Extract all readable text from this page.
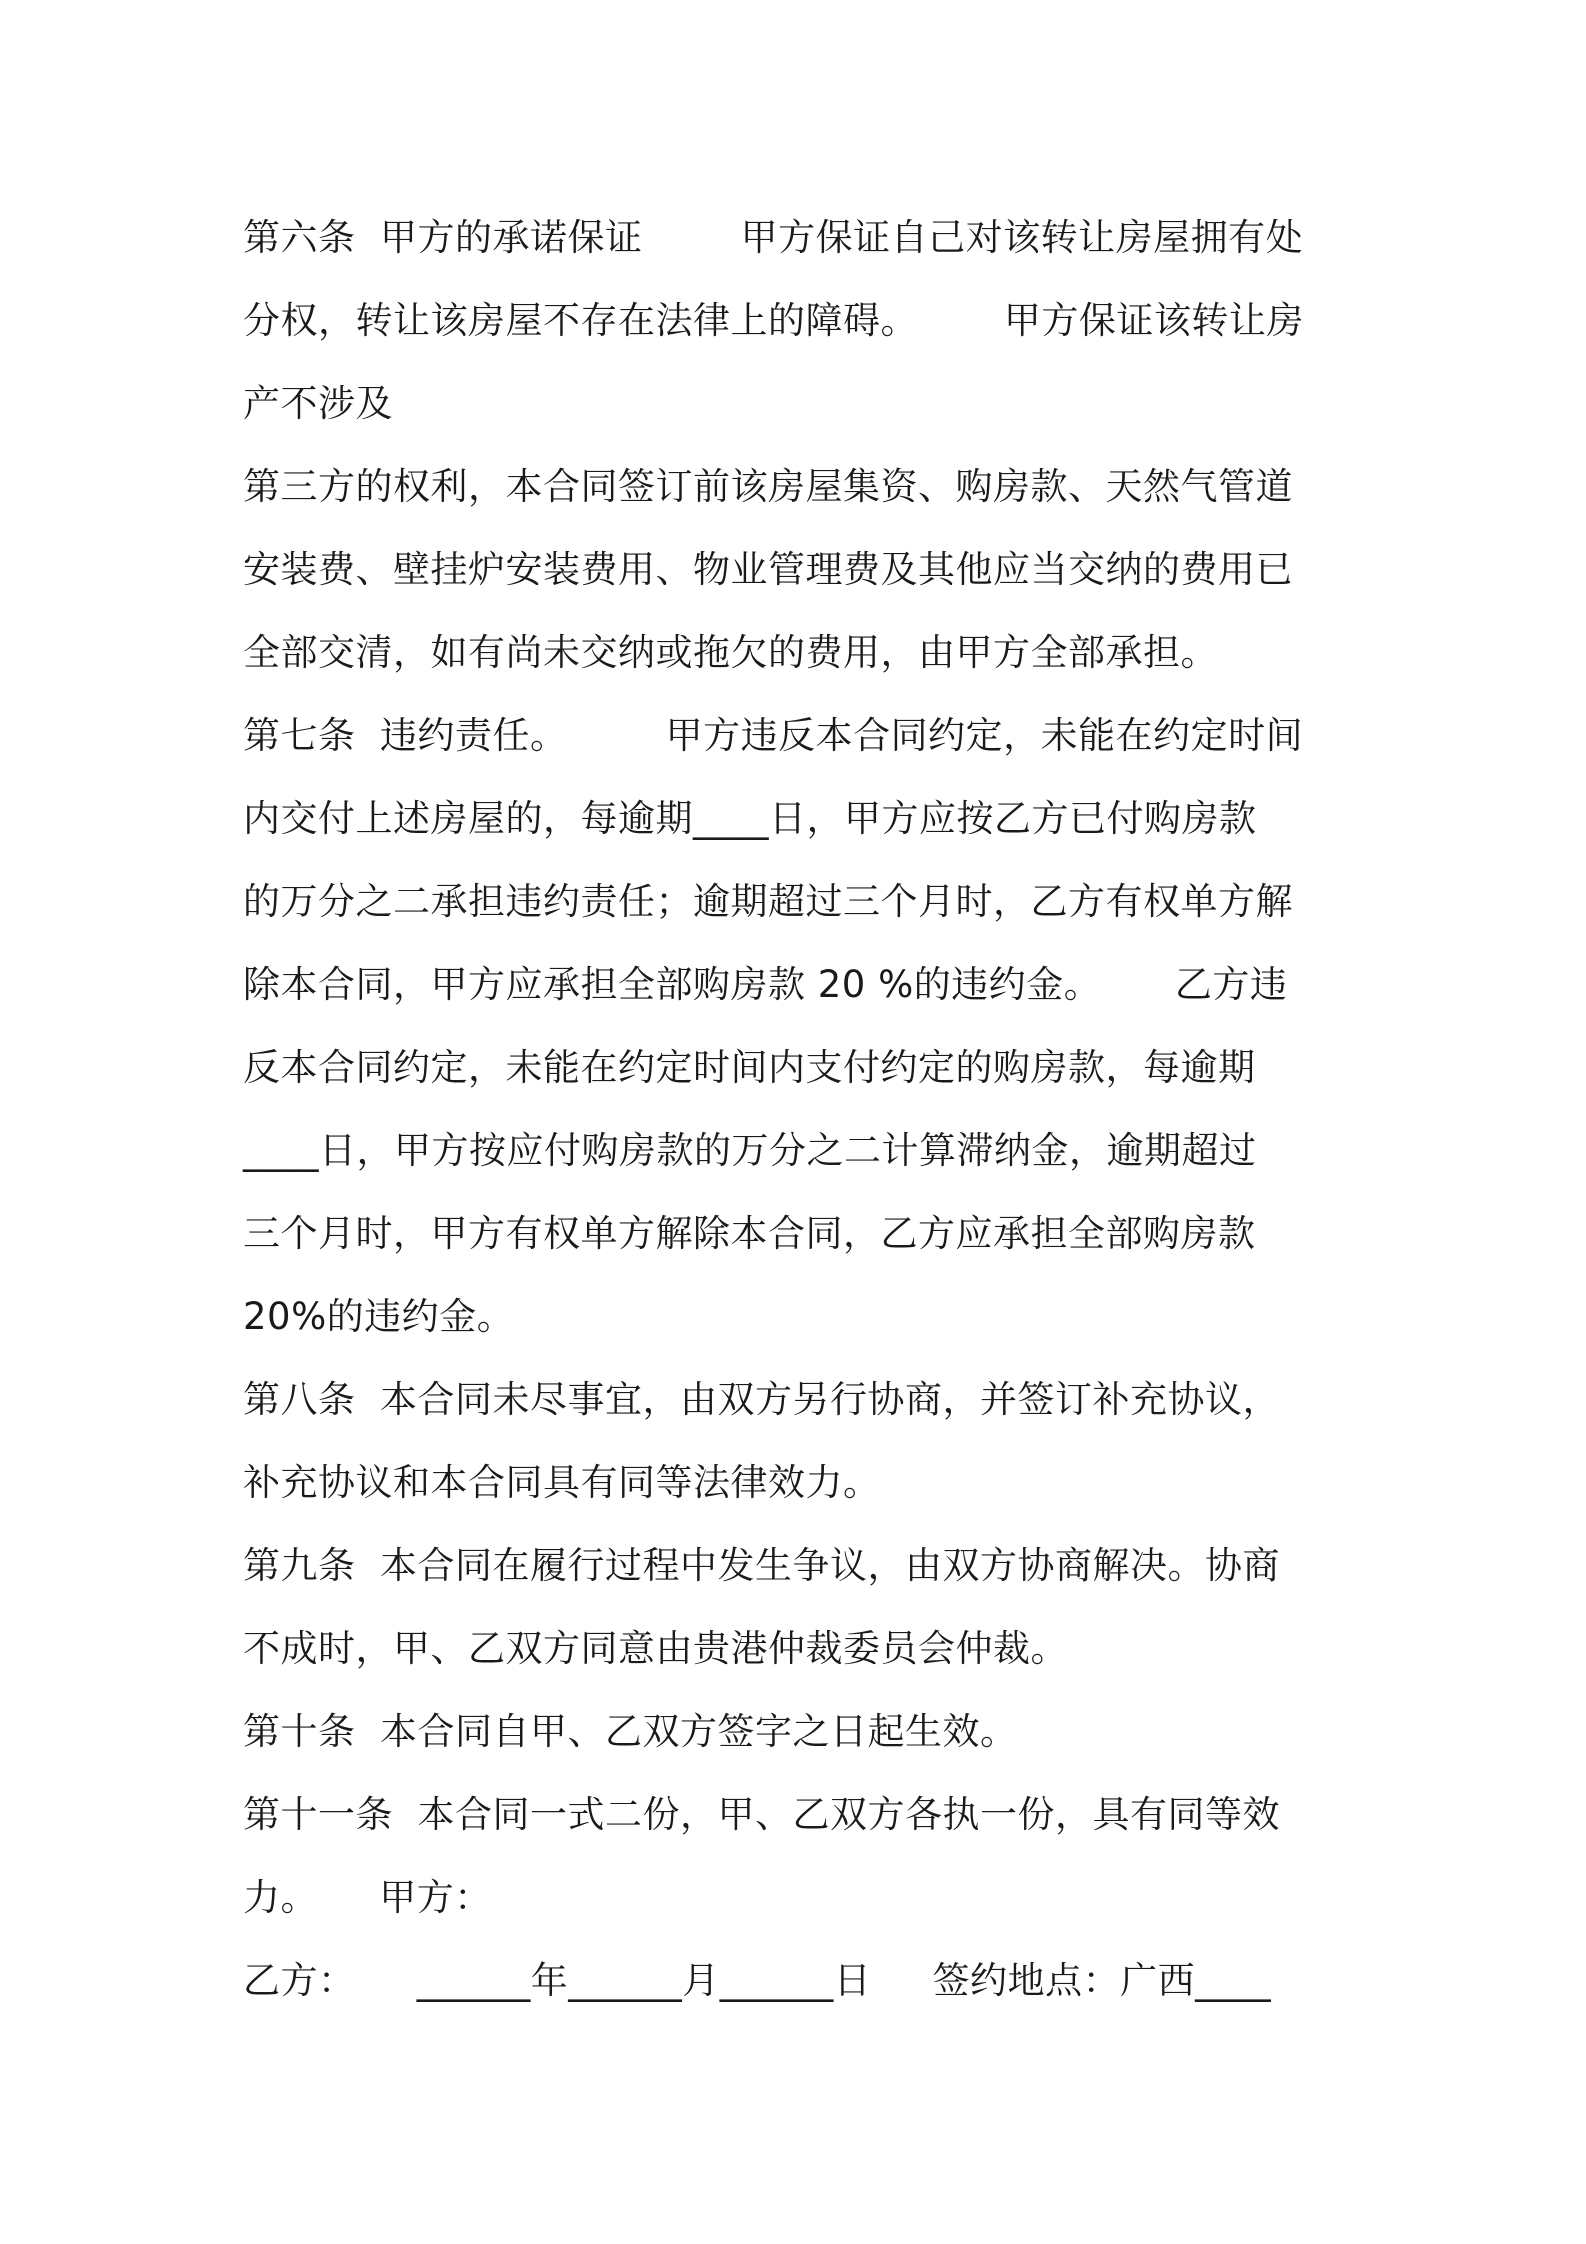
第六条  甲方的承诺保证        甲方保证自己对该转让房屋拥有处
分权，转让该房屋不存在法律上的障碍。       甲方保证该转让房
产不涉及
第三方的权利，本合同签订前该房屋集资、购房款、天然气管道
安装费、壁挂炉安装费用、物业管理费及其他应当交纳的费用已
全部交清，如有尚未交纳或拖欠的费用，由甲方全部承担。
第七条  违约责任。        甲方违反本合同约定，未能在约定时间
内交付上述房屋的，每逾期____日，甲方应按乙方已付购房款
的万分之二承担违约责任；逾期超过三个月时，乙方有权单方解
除本合同，甲方应承担全部购房款 20 %的违约金。      乙方违
反本合同约定，未能在约定时间内支付约定的购房款，每逾期
____日，甲方按应付购房款的万分之二计算滞纳金，逾期超过
三个月时，甲方有权单方解除本合同，乙方应承担全部购房款
20%的违约金。
第八条  本合同未尽事宜，由双方另行协商，并签订补充协议，
补充协议和本合同具有同等法律效力。
第九条  本合同在履行过程中发生争议，由双方协商解决。协商
不成时，甲、乙双方同意由贵港仲裁委员会仲裁。
第十条  本合同自甲、乙双方签字之日起生效。
第十一条  本合同一式二份，甲、乙双方各执一份，具有同等效
力。     甲方：
乙方：     ______年______月______日     签约地点：广西____
